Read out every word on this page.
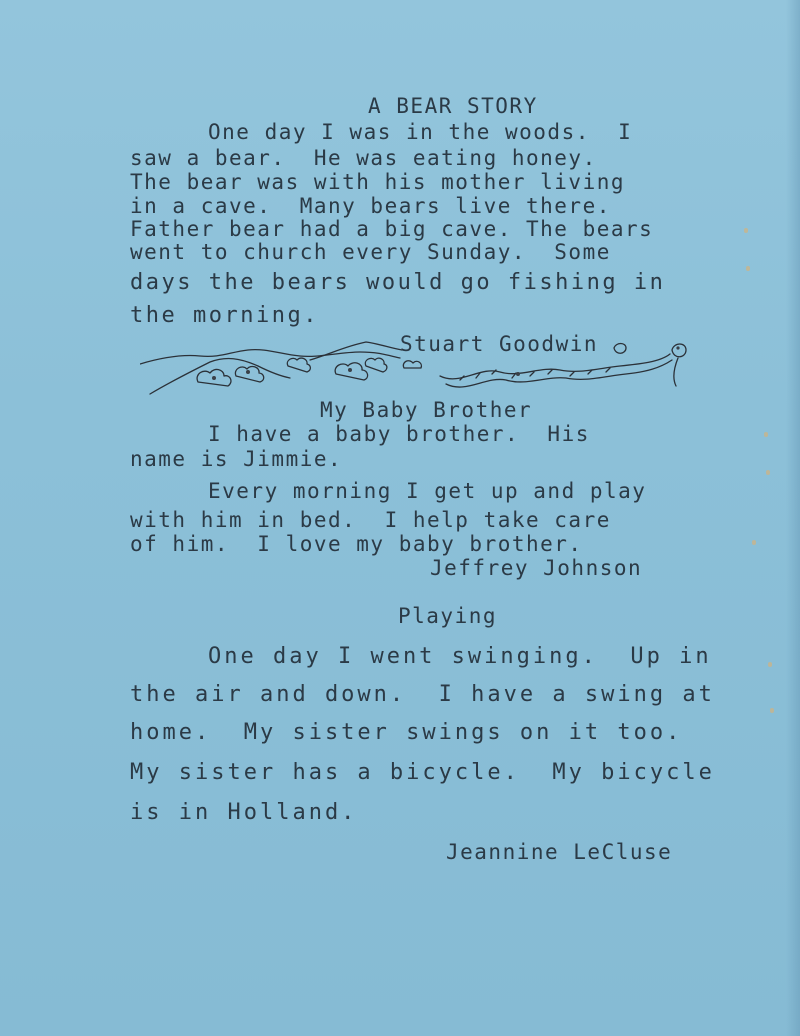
A BEAR STORY

One day I was in the woods.  I

saw a bear.  He was eating honey.

The bear was with his mother living

in a cave.  Many bears live there.

Father bear had a big cave. The bears

went to church every Sunday.  Some

days the bears would go fishing in

the morning.

Stuart Goodwin

My Baby Brother

I have a baby brother.  His

name is Jimmie.

Every morning I get up and play

with him in bed.  I help take care

of him.  I love my baby brother.

Jeffrey Johnson

Playing

One day I went swinging.  Up in

the air and down.  I have a swing at

home.  My sister swings on it too.

My sister has a bicycle.  My bicycle

is in Holland.

Jeannine LeCluse
